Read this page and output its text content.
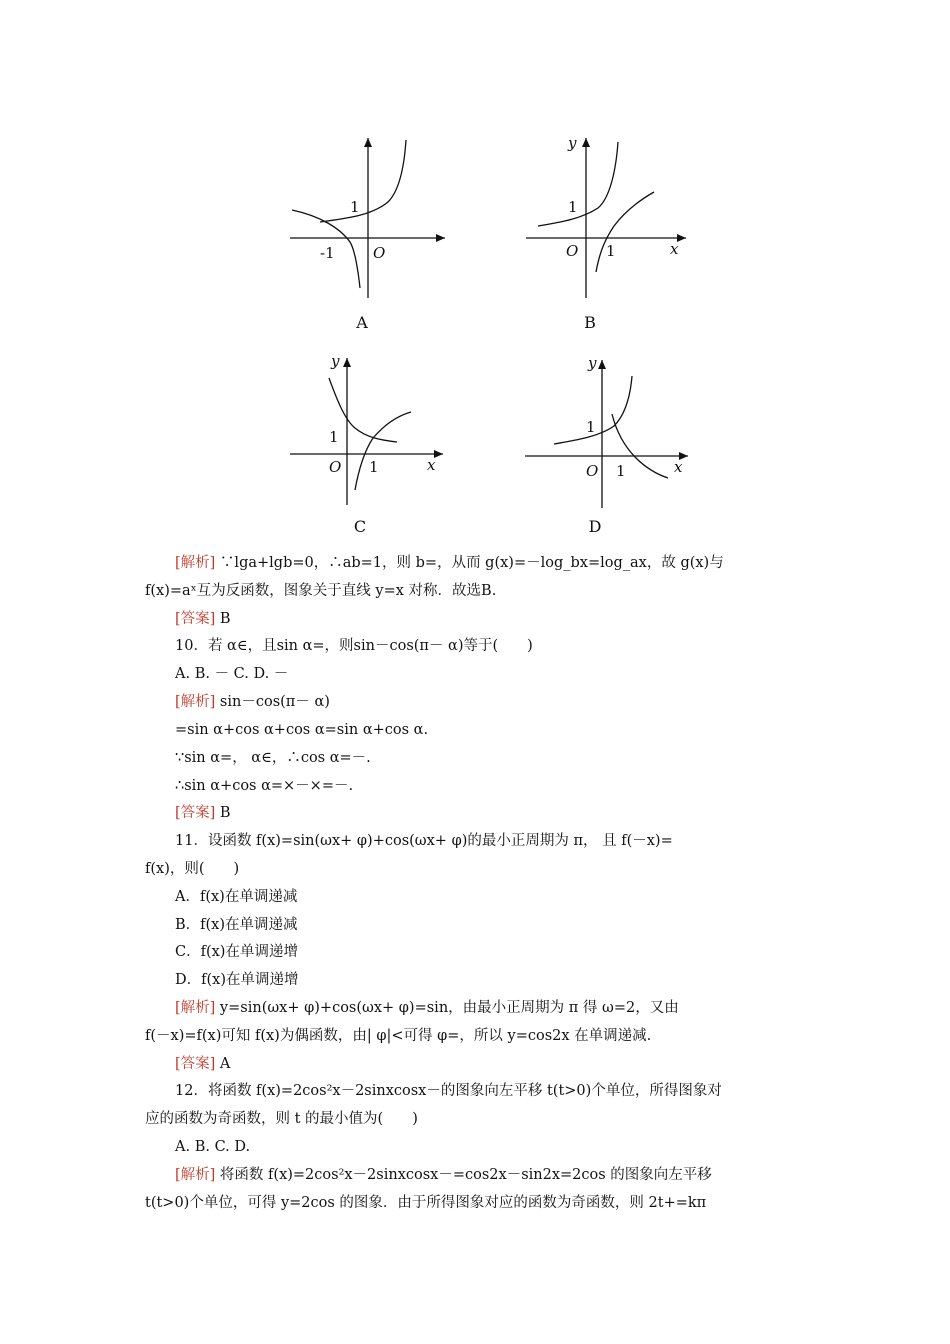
1
-1	O
A
y
x
1
1
O
B
y
x
1
1
O
C
y
x
1
1
O
D
[解析] ∵lga+lgb=0，∴ab=1，则 b=，从而 g(x)=－log_bx=log_ax，故 g(x)与
f(x)=aˣ互为反函数，图象关于直线 y=x 对称．故选B.
[答案] B
10．若 α∈，且sin α=，则sin－cos(π－ α)等于(　　)
A. B. － C. D. －
[解析] sin－cos(π－ α)
=sin α+cos α+cos α=sin α+cos α.
∵sin α=， α∈，∴cos α=－.
∴sin α+cos α=×－×=－.
[答案] B
11．设函数 f(x)=sin(ωx+ φ)+cos(ωx+ φ)的最小正周期为 π， 且 f(－x)=
f(x)，则(　　)
A．f(x)在单调递减
B．f(x)在单调递减
C．f(x)在单调递增
D．f(x)在单调递增
[解析] y=sin(ωx+ φ)+cos(ωx+ φ)=sin，由最小正周期为 π 得 ω=2，又由
f(－x)=f(x)可知 f(x)为偶函数，由| φ|<可得 φ=，所以 y=cos2x 在单调递减.
[答案] A
12．将函数 f(x)=2cos²x－2sinxcosx－的图象向左平移 t(t>0)个单位，所得图象对
应的函数为奇函数，则 t 的最小值为(　　)
A. B. C. D.
[解析] 将函数 f(x)=2cos²x－2sinxcosx－=cos2x－sin2x=2cos 的图象向左平移
t(t>0)个单位，可得 y=2cos 的图象．由于所得图象对应的函数为奇函数，则 2t+=kπ
